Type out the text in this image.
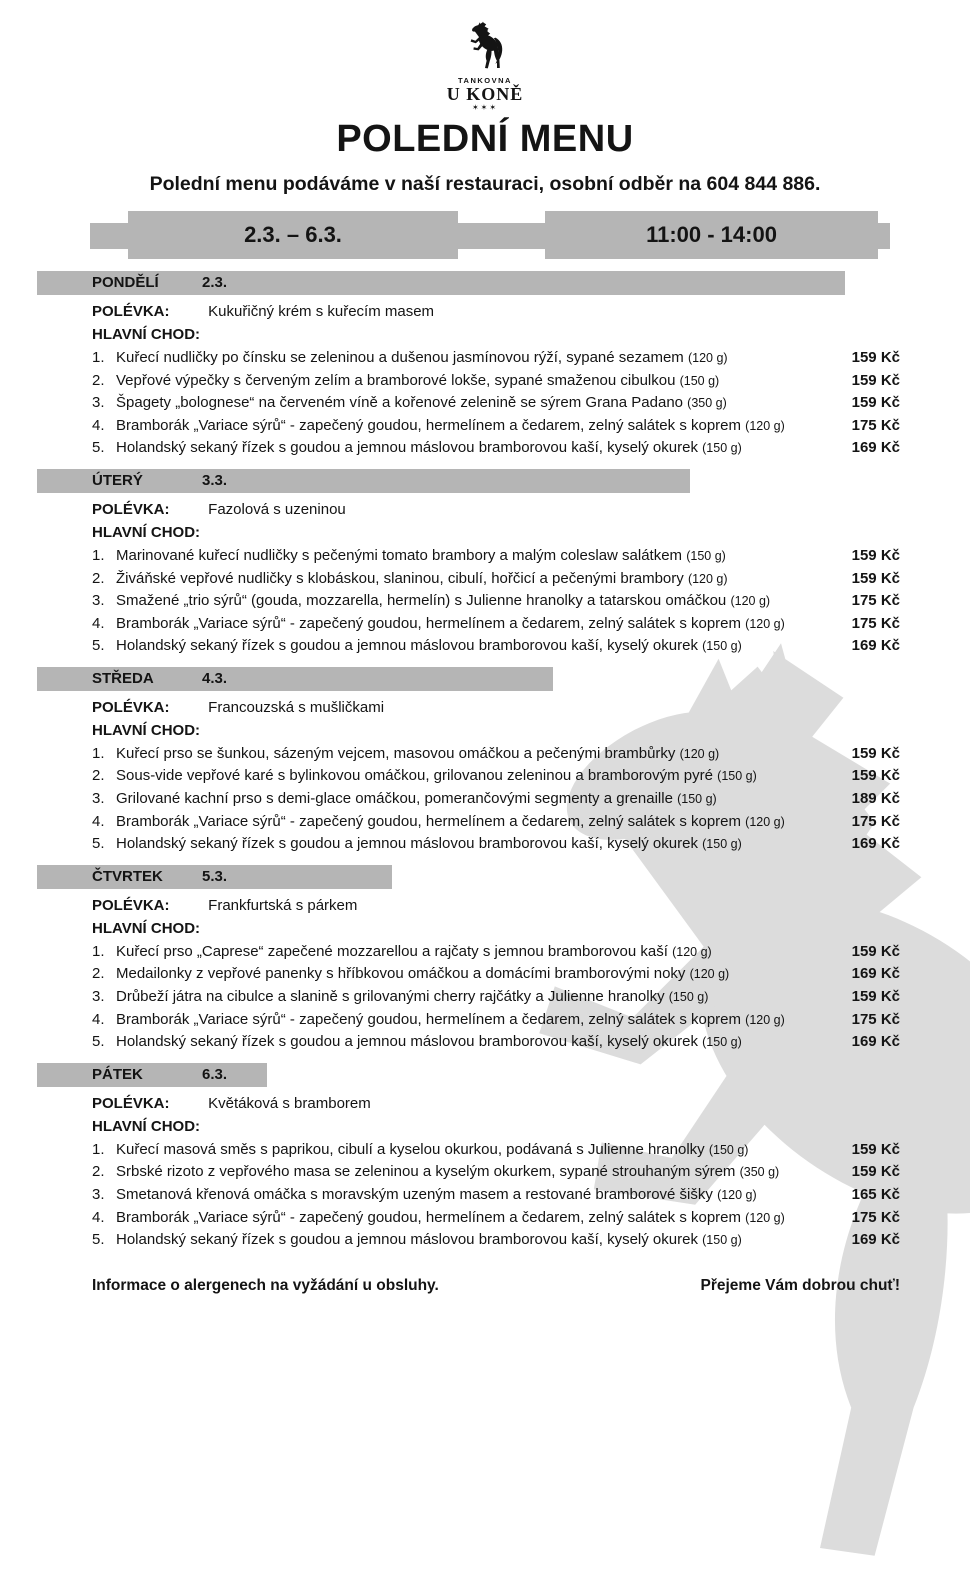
TANKOVNA
U KONĚ
✶✶✶
POLEDNÍ MENU
Polední menu podáváme v naší restauraci, osobní odběr na 604 844 886.
2.3. – 6.3.	11:00 - 14:00
PONDĚLÍ	2.3.
POLÉVKA:	Kukuřičný krém s kuřecím masem
HLAVNÍ CHOD:
1. Kuřecí nudličky po čínsku se zeleninou a dušenou jasmínovou rýží, sypané sezamem (120 g)	159 Kč
2. Vepřové výpečky s červeným zelím a bramborové lokše, sypané smaženou cibulkou (150 g)	159 Kč
3. Špagety „bolognese“ na červeném víně a kořenové zelenině se sýrem Grana Padano (350 g)	159 Kč
4. Bramborák „Variace sýrů“ - zapečený goudou, hermelínem a čedarem, zelný salátek s koprem (120 g)	175 Kč
5. Holandský sekaný řízek s goudou a jemnou máslovou bramborovou kaší, kyselý okurek (150 g)	169 Kč
ÚTERÝ	3.3.
POLÉVKA:	Fazolová s uzeninou
HLAVNÍ CHOD:
1. Marinované kuřecí nudličky s pečenými tomato brambory a malým coleslaw salátkem (150 g)	159 Kč
2. Živáňské vepřové nudličky s klobáskou, slaninou, cibulí, hořčicí a pečenými brambory (120 g)	159 Kč
3. Smažené „trio sýrů“ (gouda, mozzarella, hermelín) s Julienne hranolky a tatarskou omáčkou (120 g)	175 Kč
4. Bramborák „Variace sýrů“ - zapečený goudou, hermelínem a čedarem, zelný salátek s koprem (120 g)	175 Kč
5. Holandský sekaný řízek s goudou a jemnou máslovou bramborovou kaší, kyselý okurek (150 g)	169 Kč
STŘEDA	4.3.
POLÉVKA:	Francouzská s mušličkami
HLAVNÍ CHOD:
1. Kuřecí prso se šunkou, sázeným vejcem, masovou omáčkou a pečenými brambůrky (120 g)	159 Kč
2. Sous-vide vepřové karé s bylinkovou omáčkou, grilovanou zeleninou a bramborovým pyré (150 g)	159 Kč
3. Grilované kachní prso s demi-glace omáčkou, pomerančovými segmenty a grenaille (150 g)	189 Kč
4. Bramborák „Variace sýrů“ - zapečený goudou, hermelínem a čedarem, zelný salátek s koprem (120 g)	175 Kč
5. Holandský sekaný řízek s goudou a jemnou máslovou bramborovou kaší, kyselý okurek (150 g)	169 Kč
ČTVRTEK	5.3.
POLÉVKA:	Frankfurtská s párkem
HLAVNÍ CHOD:
1. Kuřecí prso „Caprese“ zapečené mozzarellou a rajčaty s jemnou bramborovou kaší (120 g)	159 Kč
2. Medailonky z vepřové panenky s hříbkovou omáčkou a domácími bramborovými noky (120 g)	169 Kč
3. Drůbeží játra na cibulce a slanině s grilovanými cherry rajčátky a Julienne hranolky (150 g)	159 Kč
4. Bramborák „Variace sýrů“ - zapečený goudou, hermelínem a čedarem, zelný salátek s koprem (120 g)	175 Kč
5. Holandský sekaný řízek s goudou a jemnou máslovou bramborovou kaší, kyselý okurek (150 g)	169 Kč
PÁTEK	6.3.
POLÉVKA:	Květáková s bramborem
HLAVNÍ CHOD:
1. Kuřecí masová směs s paprikou, cibulí a kyselou okurkou, podávaná s Julienne hranolky (150 g)	159 Kč
2. Srbské rizoto z vepřového masa se zeleninou a kyselým okurkem, sypané strouhaným sýrem (350 g)	159 Kč
3. Smetanová křenová omáčka s moravským uzeným masem a restované bramborové šišky (120 g)	165 Kč
4. Bramborák „Variace sýrů“ - zapečený goudou, hermelínem a čedarem, zelný salátek s koprem (120 g)	175 Kč
5. Holandský sekaný řízek s goudou a jemnou máslovou bramborovou kaší, kyselý okurek (150 g)	169 Kč
Informace o alergenech na vyžádání u obsluhy.	Přejeme Vám dobrou chuť!
